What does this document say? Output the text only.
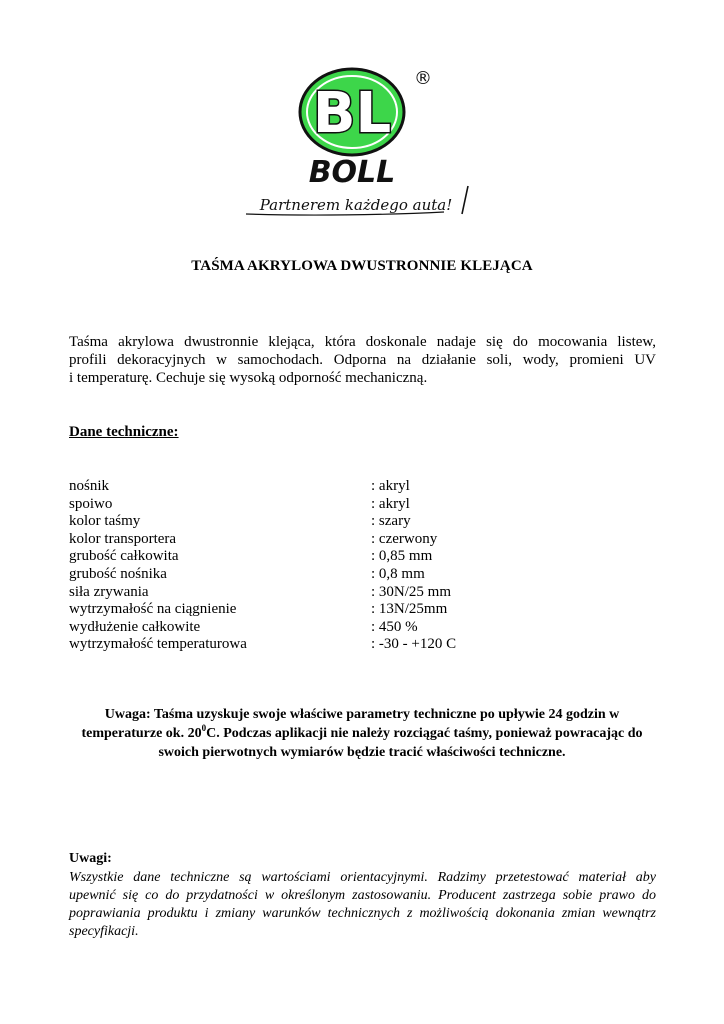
BL
®
BOLL
Partnerem każdego auta!
TAŚMA AKRYLOWA DWUSTRONNIE KLEJĄCA
Taśma akrylowa dwustronnie klejąca, która doskonale nadaje się do mocowania listew,
profili dekoracyjnych w samochodach. Odporna na działanie soli, wody, promieni UV
i temperaturę. Cechuje się wysoką odporność mechaniczną.
Dane techniczne:
nośnik	: akryl
spoiwo	: akryl
kolor taśmy	: szary
kolor transportera	: czerwony
grubość całkowita	: 0,85 mm
grubość nośnika	: 0,8 mm
siła zrywania	: 30N/25 mm
wytrzymałość na ciągnienie	: 13N/25mm
wydłużenie całkowite	: 450 %
wytrzymałość temperaturowa	: -30 - +120 C
Uwaga: Taśma uzyskuje swoje właściwe parametry techniczne po upływie 24 godzin w
temperaturze ok. $20^0C$. Podczas aplikacji nie należy rozciągać taśmy, ponieważ powracając do
swoich pierwotnych wymiarów będzie tracić właściwości techniczne.
Uwagi:
Wszystkie dane techniczne są wartościami orientacyjnymi. Radzimy przetestować materiał aby
upewnić się co do przydatności w określonym zastosowaniu. Producent zastrzega sobie prawo do
poprawiania produktu i zmiany warunków technicznych z możliwością dokonania zmian wewnątrz
specyfikacji.
